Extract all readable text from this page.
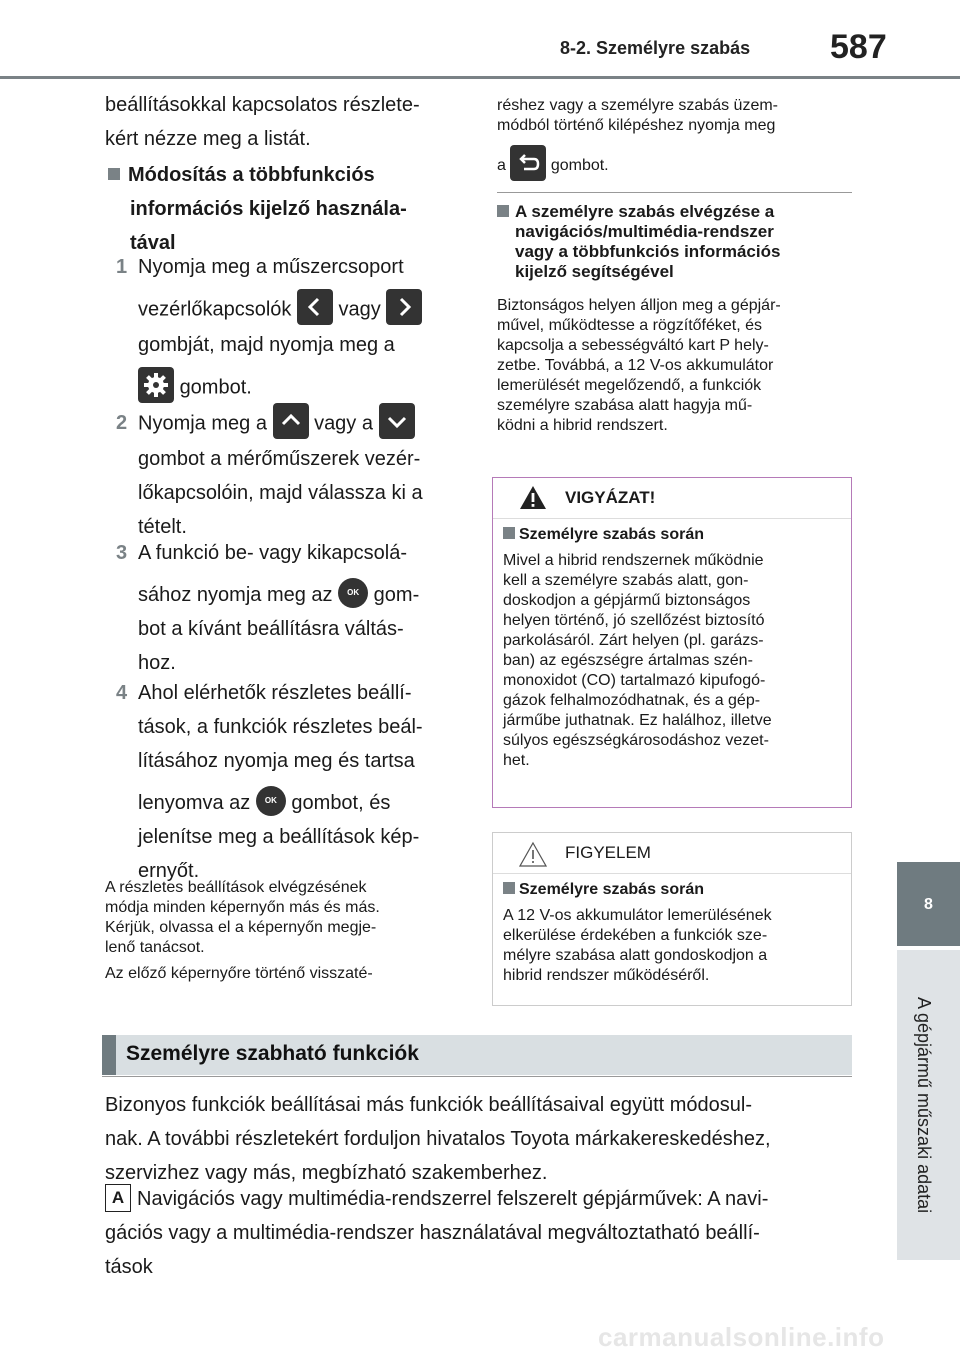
8-2. Személyre szabás 587
8
A gépjármű műszaki adatai
beállításokkal kapcsolatos részlete-
kért nézze meg a listát.
Módosítás a többfunkciós
információs kijelző használa-
tával
1 Nyomja meg a műszercsoport
vezérlőkapcsolók vagy
gombját, majd nyomja meg a
gombot.
2 Nyomja meg a vagy a
gombot a mérőműszerek vezér-
lőkapcsolóin, majd válassza ki a
tételt.
3 A funkció be- vagy kikapcsolá-
sához nyomja meg az OK gom-
bot a kívánt beállításra váltás-
hoz.
4 Ahol elérhetők részletes beállí-
tások, a funkciók részletes beál-
lításához nyomja meg és tartsa
lenyomva az OK gombot, és
jelenítse meg a beállítások kép-
ernyőt.
A részletes beállítások elvégzésének
módja minden képernyőn más és más.
Kérjük, olvassa el a képernyőn megje-
lenő tanácsot.
Az előző képernyőre történő visszaté-
réshez vagy a személyre szabás üzem-
módból történő kilépéshez nyomja meg
a	gombot.
A személyre szabás elvégzése a
navigációs/multimédia-rendszer
vagy a többfunkciós információs
kijelző segítségével
Biztonságos helyen álljon meg a gépjár-
művel, működtesse a rögzítőféket, és
kapcsolja a sebességváltó kart P hely-
zetbe. Továbbá, a 12 V-os akkumulátor
lemerülését megelőzendő, a funkciók
személyre szabása alatt hagyja mű-
ködni a hibrid rendszert.
VIGYÁZAT!
Személyre szabás során
Mivel a hibrid rendszernek működnie
kell a személyre szabás alatt, gon-
doskodjon a gépjármű biztonságos
helyen történő, jó szellőzést biztosító
parkolásáról. Zárt helyen (pl. garázs-
ban) az egészségre ártalmas szén-
monoxidot (CO) tartalmazó kipufogó-
gázok felhalmozódhatnak, és a gép-
járműbe juthatnak. Ez halálhoz, illetve
súlyos egészségkárosodáshoz vezet-
het.
FIGYELEM
Személyre szabás során
A 12 V-os akkumulátor lemerülésének
elkerülése érdekében a funkciók sze-
mélyre szabása alatt gondoskodjon a
hibrid rendszer működéséről.
Személyre szabható funkciók
Bizonyos funkciók beállításai más funkciók beállításaival együtt módosul-
nak. A további részletekért forduljon hivatalos Toyota márkakereskedéshez,
szervizhez vagy más, megbízható szakemberhez.
A Navigációs vagy multimédia-rendszerrel felszerelt gépjárművek: A navi-
gációs vagy a multimédia-rendszer használatával megváltoztatható beállí-
tások
carmanualsonline.info
